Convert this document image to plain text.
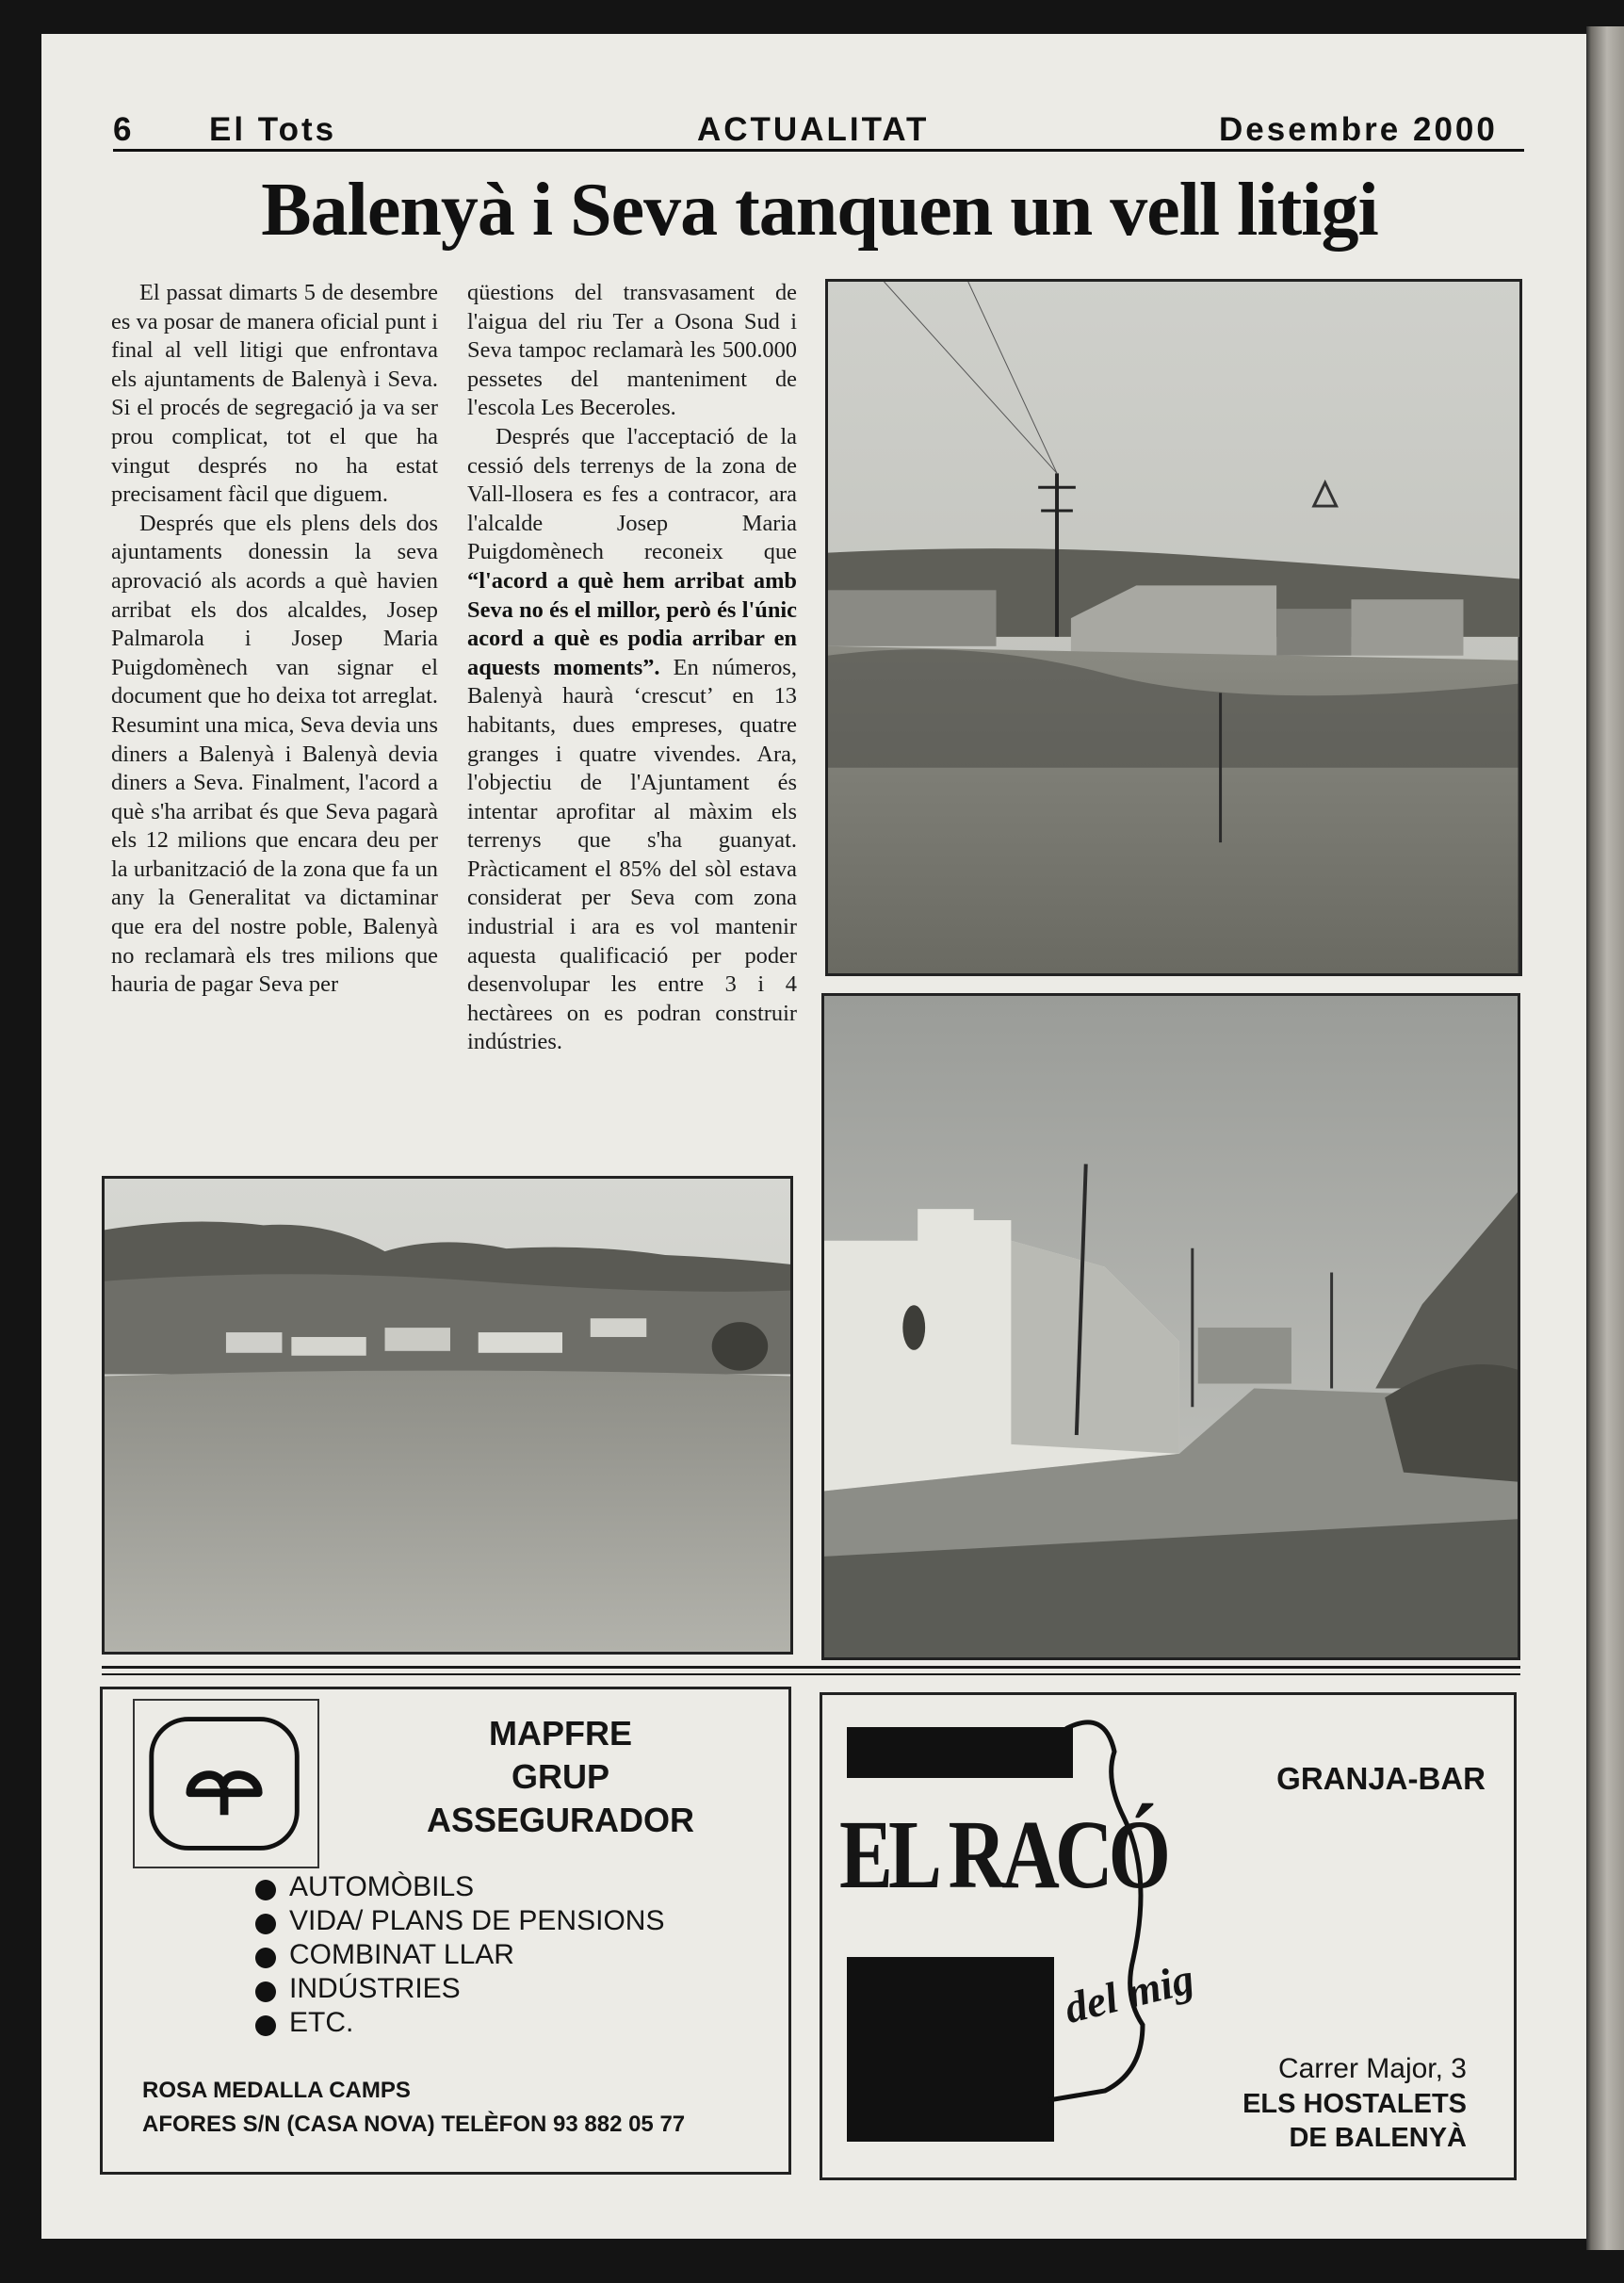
6 El Tots	ACTUALITAT	Desembre 2000
Balenyà i Seva tanquen un vell litigi

El passat dimarts 5 de desembre es va posar de manera oficial punt i final al vell litigi que enfrontava els ajuntaments de Balenyà i Seva. Si el procés de segregació ja va ser prou complicat, tot el que ha vingut després no ha estat precisament fàcil que diguem.

Després que els plens dels dos ajuntaments donessin la seva aprovació als acords a què havien arribat els dos alcaldes, Josep Palmarola i Josep Maria Puigdomènech van signar el document que ho deixa tot arreglat. Resumint una mica, Seva devia uns diners a Balenyà i Balenyà devia diners a Seva. Finalment, l'acord a què s'ha arribat és que Seva pagarà els 12 milions que encara deu per la urbanització de la zona que fa un any la Generalitat va dictaminar que era del nostre poble, Balenyà no reclamarà els tres milions que hauria de pagar Seva per

qüestions del transvasament de l'aigua del riu Ter a Osona Sud i Seva tampoc reclamarà les 500.000 pessetes del manteniment de l'escola Les Beceroles.

Després que l'acceptació de la cessió dels terrenys de la zona de Vall-llosera es fes a contracor, ara l'alcalde Josep Maria Puigdomènech reconeix que “l'acord a què hem arribat amb Seva no és el millor, però és l'únic acord a què es podia arribar en aquests moments”. En números, Balenyà haurà ‘crescut’ en 13 habitants, dues empreses, quatre granges i quatre vivendes. Ara, l'objectiu de l'Ajuntament és intentar aprofitar al màxim els terrenys que s'ha guanyat. Pràcticament el 85% del sòl estava considerat per Seva com zona industrial i ara es vol mantenir aquesta qualificació per poder desenvolupar les entre 3 i 4 hectàrees on es podran construir indústries.

MAPFRE
GRUP
ASSEGURADOR
AUTOMÒBILS
VIDA/ PLANS DE PENSIONS
COMBINAT LLAR
INDÚSTRIES
ETC.
ROSA MEDALLA CAMPS
AFORES S/N (CASA NOVA) TELÈFON 93 882 05 77
EL RACÓ
del mig
GRANJA-BAR
Carrer Major, 3
ELS HOSTALETS
DE BALENYÀ
